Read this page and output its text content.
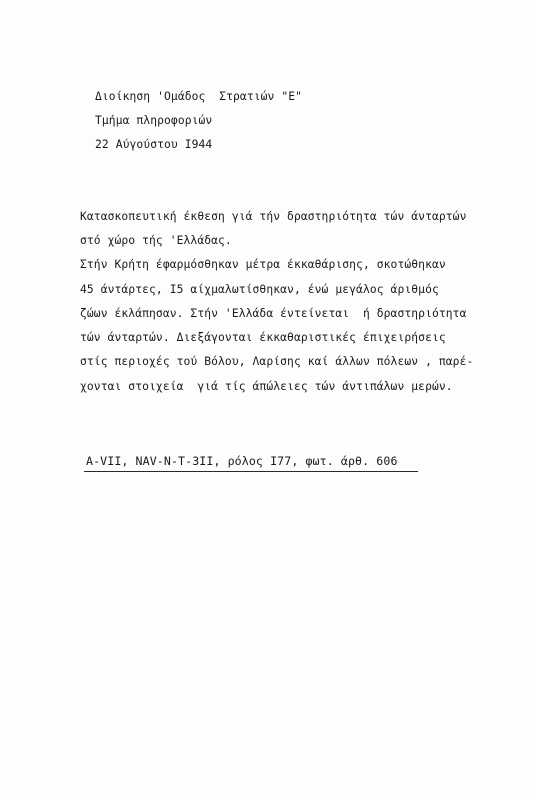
Διοίκηση 'Ομάδος  Στρατιών "Ε"
Τμήμα πληροφοριών
22 Αύγούστου I944
Κατασκοπευτική έκθεση γιά τήν δραστηριότητα τών άνταρτών
στό χώρο τής 'Ελλάδας.
Στήν Κρήτη έφαρμόσθηκαν μέτρα έκκαθάρισης, σκοτώθηκαν
45 άντάρτες, I5 αίχμαλωτίσθηκαν, ένώ μεγάλος άριθμός
ζώων έκλάπησαν. Στήν 'Ελλάδα έντείνεται  ή δραστηριότητα
τών άνταρτών. Διεξάγονται έκκαθαριστικές έπιχειρήσεις
στίς περιοχές τού Βόλου, Λαρίσης καί άλλων πόλεων , παρέ-
χονται στοιχεία  γιά τίς άπώλειες τών άντιπάλων μερών.
A-VII, NAV-N-T-3II, ρόλος I77, φωτ. άρθ. 606
